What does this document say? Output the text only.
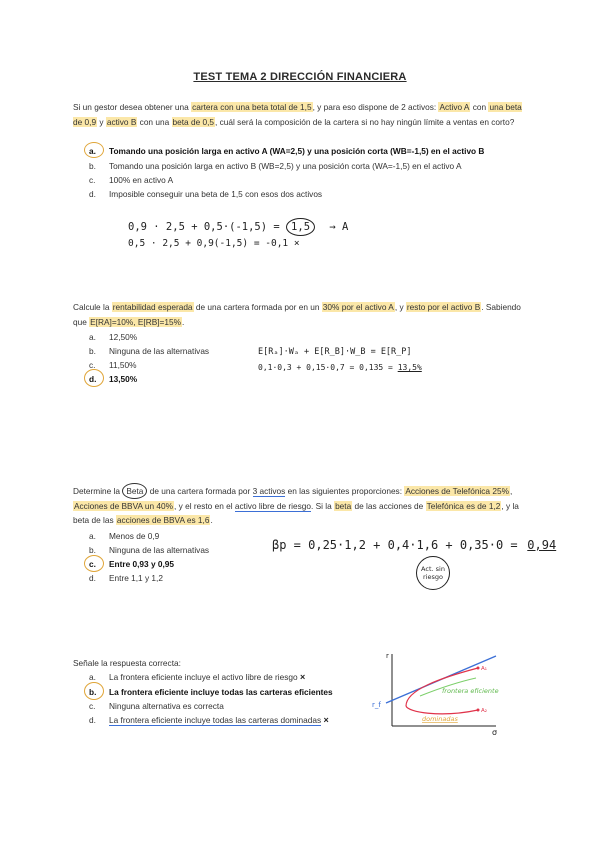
TEST TEMA 2 DIRECCIÓN FINANCIERA
Si un gestor desea obtener una cartera con una beta total de 1,5, y para eso dispone de 2 activos: Activo A con una beta de 0,9 y activo B con una beta de 0,5, cuál será la composición de la cartera si no hay ningún límite a ventas en corto?
a. Tomando una posición larga en activo A (WA=2,5) y una posición corta (WB=-1,5) en el activo B
b. Tomando una posición larga en activo B (WB=2,5) y una posición corta (WA=-1,5) en el activo A
c. 100% en activo A
d. Imposible conseguir una beta de 1,5 con esos dos activos
0,9 · 2,5 + 0,5·(-1,5) = 1,5 → A
0,5 · 2,5 + 0,9(-1,5) = -0,1 ×
Calcule la rentabilidad esperada de una cartera formada por en un 30% por el activo A, y resto por el activo B. Sabiendo que E[RA]=10%, E[RB]=15%.
a. 12,50%
b. Ninguna de las alternativas
c. 11,50%
d. 13,50%
E[Rₐ]·Wₐ + E[R_B]·W_B = E[R_P]
0,1·0,3 + 0,15·0,7 = 0,135 = 13,5%
Determine la Beta de una cartera formada por 3 activos en las siguientes proporciones: Acciones de Telefónica 25%, Acciones de BBVA un 40%, y el resto en el activo libre de riesgo. Si la beta de las acciones de Telefónica es de 1,2, y la beta de las acciones de BBVA es 1,6.
a. Menos de 0,9
b. Ninguna de las alternativas
c. Entre 0,93 y 0,95
d. Entre 1,1 y 1,2
βp = 0,25·1,2 + 0,4·1,6 + 0,35·0 = 0,94
Act. sin riesgo
Señale la respuesta correcta:
a. La frontera eficiente incluye el activo libre de riesgo ×
b. La frontera eficiente incluye todas las carteras eficientes
c. Ninguna alternativa es correcta
d. La frontera eficiente incluye todas las carteras dominadas ×
r
σ
r_f
frontera eficiente
dominadas
A₁
A₂
